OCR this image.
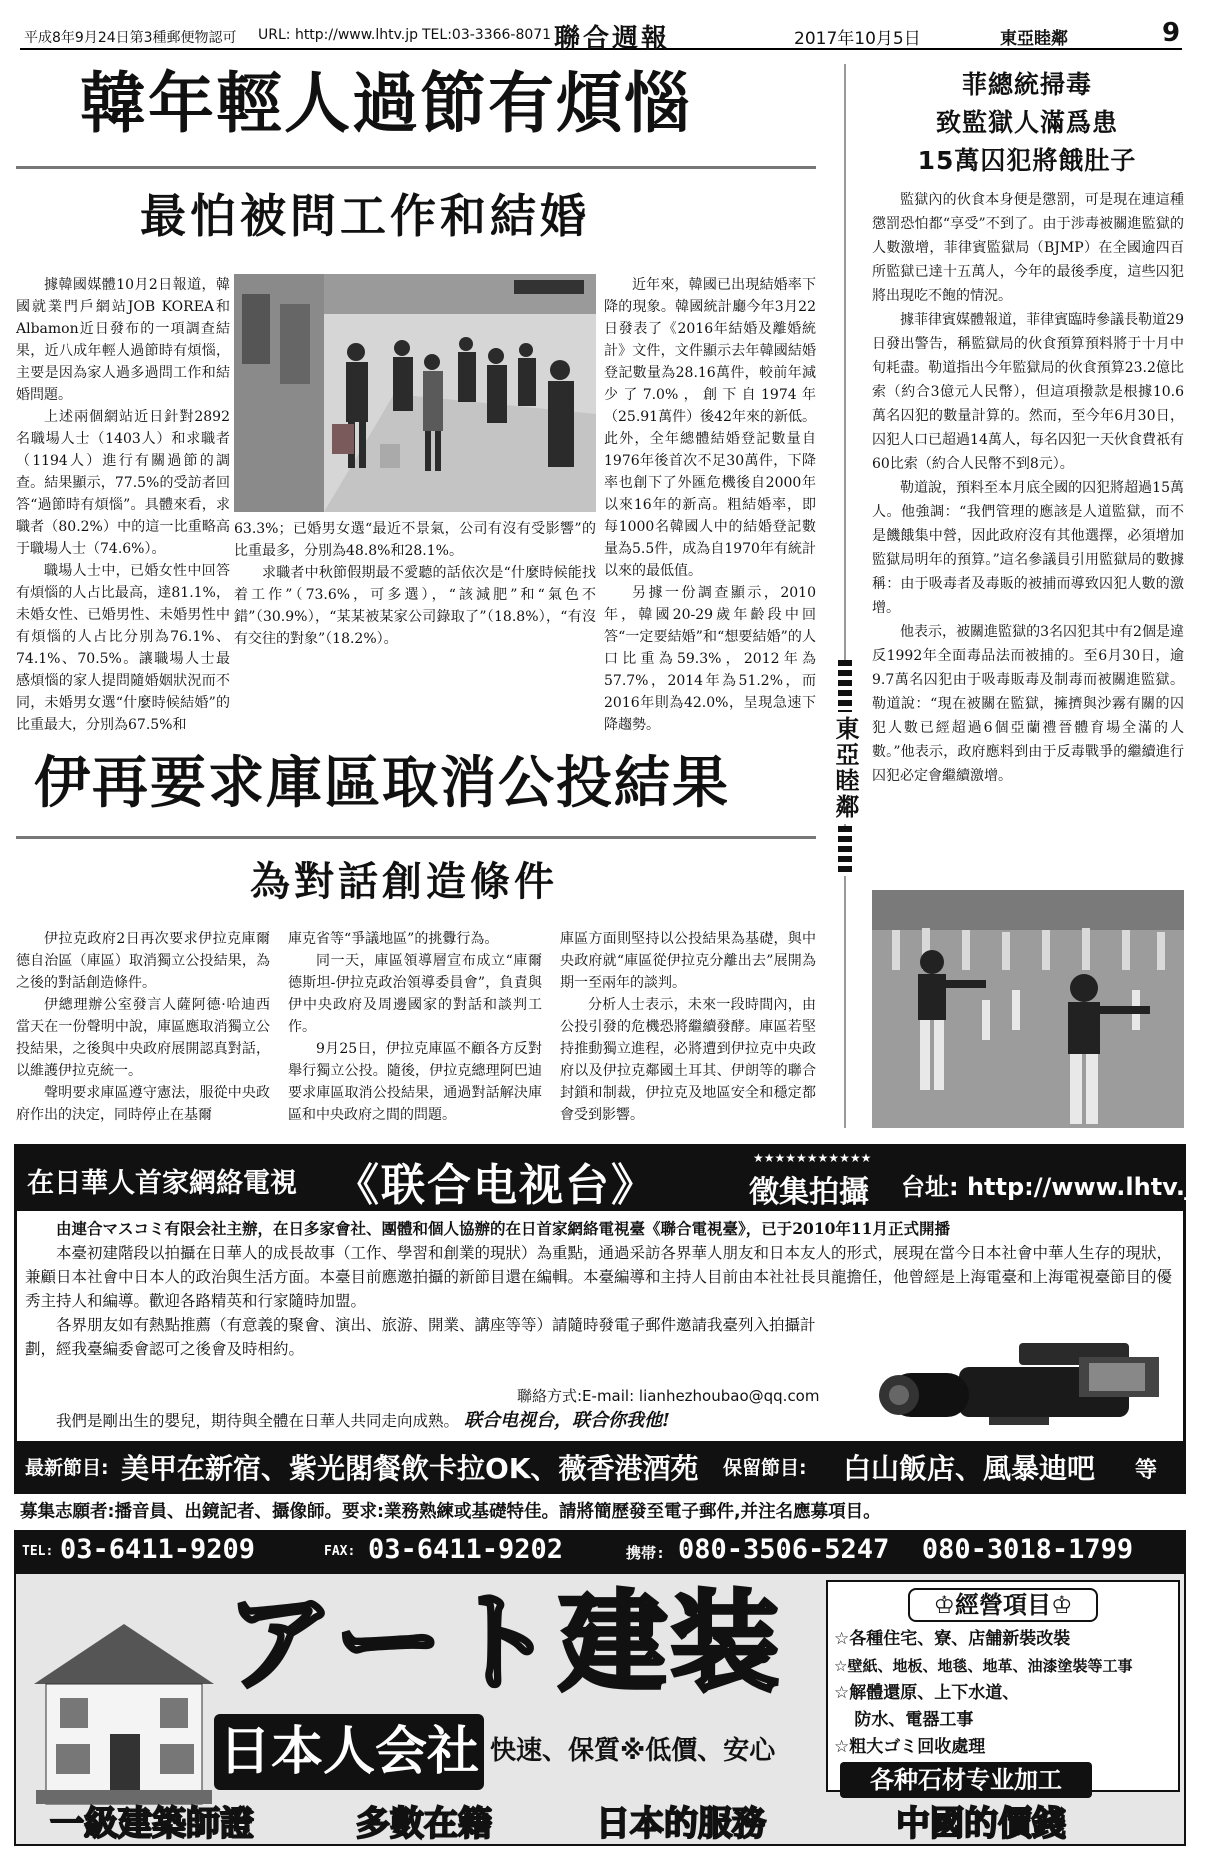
平成8年9月24日第3種郵便物認可 URL: http://www.lhtv.jp TEL:03-3366-8071 聯合週報	2017年10月5日	東亞睦鄰	9
韓年輕人過節有煩惱
最怕被問工作和結婚

據韓國媒體10月2日報道，韓國就業門戶網站JOB KOREA和Albamon近日發布的一項調查結果，近八成年輕人過節時有煩惱，主要是因為家人過多過問工作和結婚問題。

上述兩個網站近日針對2892名職場人士（1403人）和求職者（1194人）進行有關過節的調查。結果顯示，77.5%的受訪者回答“過節時有煩惱”。具體來看，求職者（80.2%）中的這一比重略高于職場人士（74.6%）。

職場人士中，已婚女性中回答有煩惱的人占比最高，達81.1%，未婚女性、已婚男性、未婚男性中有煩惱的人占比分別為76.1%、74.1%、70.5%。讓職場人士最感煩惱的家人提問隨婚姻狀況而不同，未婚男女選“什麼時候結婚”的比重最大，分別為67.5%和

63.3%；已婚男女選“最近不景氣，公司有沒有受影響”的比重最多，分別為48.8%和28.1%。

求職者中秋節假期最不愛聽的話依次是“什麼時候能找着工作”（73.6%，可多選），“該減肥”和“氣色不錯”（30.9%），“某某被某家公司錄取了”（18.8%），“有沒有交往的對象”（18.2%）。

近年來，韓國已出現結婚率下降的現象。韓國統計廳今年3月22日發表了《2016年結婚及離婚統計》文件，文件顯示去年韓國結婚登記數量為28.16萬件，較前年減少了7.0%，創下自1974年（25.91萬件）後42年來的新低。此外，全年總體結婚登記數量自1976年後首次不足30萬件，下降率也創下了外匯危機後自2000年以來16年的新高。粗結婚率，即每1000名韓國人中的結婚登記數量為5.5件，成為自1970年有統計以來的最低值。

另據一份調查顯示，2010年，韓國20-29歲年齡段中回答“一定要結婚”和“想要結婚”的人口比重為59.3%，2012年為57.7%，2014年為51.2%，而2016年則為42.0%，呈現急速下降趨勢。

伊再要求庫區取消公投結果
為對話創造條件

伊拉克政府2日再次要求伊拉克庫爾德自治區（庫區）取消獨立公投結果，為之後的對話創造條件。

伊總理辦公室發言人薩阿德·哈迪西當天在一份聲明中說，庫區應取消獨立公投結果，之後與中央政府展開認真對話，以維護伊拉克統一。

聲明要求庫區遵守憲法，服從中央政府作出的決定，同時停止在基爾

庫克省等“爭議地區”的挑釁行為。

同一天，庫區領導層宣布成立“庫爾德斯坦-伊拉克政治領導委員會”，負責與伊中央政府及周邊國家的對話和談判工作。

9月25日，伊拉克庫區不顧各方反對舉行獨立公投。隨後，伊拉克總理阿巴迪要求庫區取消公投結果，通過對話解決庫區和中央政府之間的問題。

庫區方面則堅持以公投結果為基礎，與中央政府就“庫區從伊拉克分離出去”展開為期一至兩年的談判。

分析人士表示，未來一段時間內，由公投引發的危機恐將繼續發酵。庫區若堅持推動獨立進程，必將遭到伊拉克中央政府以及伊拉克鄰國土耳其、伊朗等的聯合封鎖和制裁，伊拉克及地區安全和穩定都會受到影響。

東亞睦鄰
菲總統掃毒
致監獄人滿爲患
15萬囚犯將餓肚子

監獄內的伙食本身便是懲罰，可是現在連這種懲罰恐怕都“享受”不到了。由于涉毒被關進監獄的人數激增，菲律賓監獄局（BJMP）在全國逾四百所監獄已達十五萬人，今年的最後季度，這些囚犯將出現吃不飽的情況。

據菲律賓媒體報道，菲律賓臨時參議長勒道29日發出警告，稱監獄局的伙食預算預料將于十月中旬耗盡。勒道指出今年監獄局的伙食預算23.2億比索（約合3億元人民幣），但這項撥款是根據10.6萬名囚犯的數量計算的。然而，至今年6月30日，囚犯人口已超過14萬人，每名囚犯一天伙食費祇有60比索（約合人民幣不到8元）。

勒道說，預料至本月底全國的囚犯將超過15萬人。他強調：“我們管理的應該是人道監獄，而不是饑餓集中營，因此政府沒有其他選擇，必須增加監獄局明年的預算。”這名參議員引用監獄局的數據稱：由于吸毒者及毒販的被捕而導致囚犯人數的激增。

他表示，被關進監獄的3名囚犯其中有2個是違反1992年全面毒品法而被捕的。至6月30日，逾9.7萬名囚犯由于吸毒販毒及制毒而被關進監獄。勒道說：“現在被關在監獄，擁擠與沙霧有關的囚犯人數已經超過6個亞蘭禮晉體育場全滿的人數。”他表示，政府應料到由于反毒戰爭的繼續進行囚犯必定會繼續激增。

在日華人首家網絡電視 《联合电视台》
★★★★★★★★★★★
徵集拍攝 台址: http://www.lhtv.jp

由連合マスコミ有限会社主辦，在日多家會社、團體和個人協辦的在日首家網絡電視臺《聯合電視臺》，已于2010年11月正式開播

本臺初建階段以拍攝在日華人的成長故事（工作、學習和創業的現狀）為重點，通過采訪各界華人朋友和日本友人的形式，展現在當今日本社會中華人生存的現狀，兼顧日本社會中日本人的政治與生活方面。本臺目前應邀拍攝的新節目還在編輯。本臺編導和主持人目前由本社社長貝龍擔任，他曾經是上海電臺和上海電視臺節目的優秀主持人和編導。歡迎各路精英和行家隨時加盟。

各界朋友如有熱點推薦（有意義的聚會、演出、旅游、開業、講座等等）請隨時發電子郵件邀請我臺列入拍攝計劃，經我臺編委會認可之後會及時相約。

我們是剛出生的嬰兒，期待與全體在日華人共同走向成熟。 联合电视台，联合你我他!
聯絡方式:E-mail: lianhezhoubao@qq.com
最新節目: 美甲在新宿、紫光閣餐飲卡拉OK、薇香港酒苑 保留節目: 白山飯店、風暴迪吧 等
募集志願者:播音員、出鏡記者、攝像師。要求:業務熟練或基礎特佳。請將簡歷發至電子郵件,并注名應募項目。
TEL: 03-6411-9209	FAX: 03-6411-9202	携帯: 080-3506-5247  080-3018-1799
アート建装
日本人会社 快速、保質※低價、安心
♔經營項目♔
☆各種住宅、寮、店舗新裝改裝
☆壁紙、地板、地毯、地革、油漆塗裝等工事
☆解體還原、上下水道、
防水、電器工事
☆粗大ゴミ回收處理
各种石材专业加工
一級建築師證	多數在籍	日本的服務	中國的價錢
